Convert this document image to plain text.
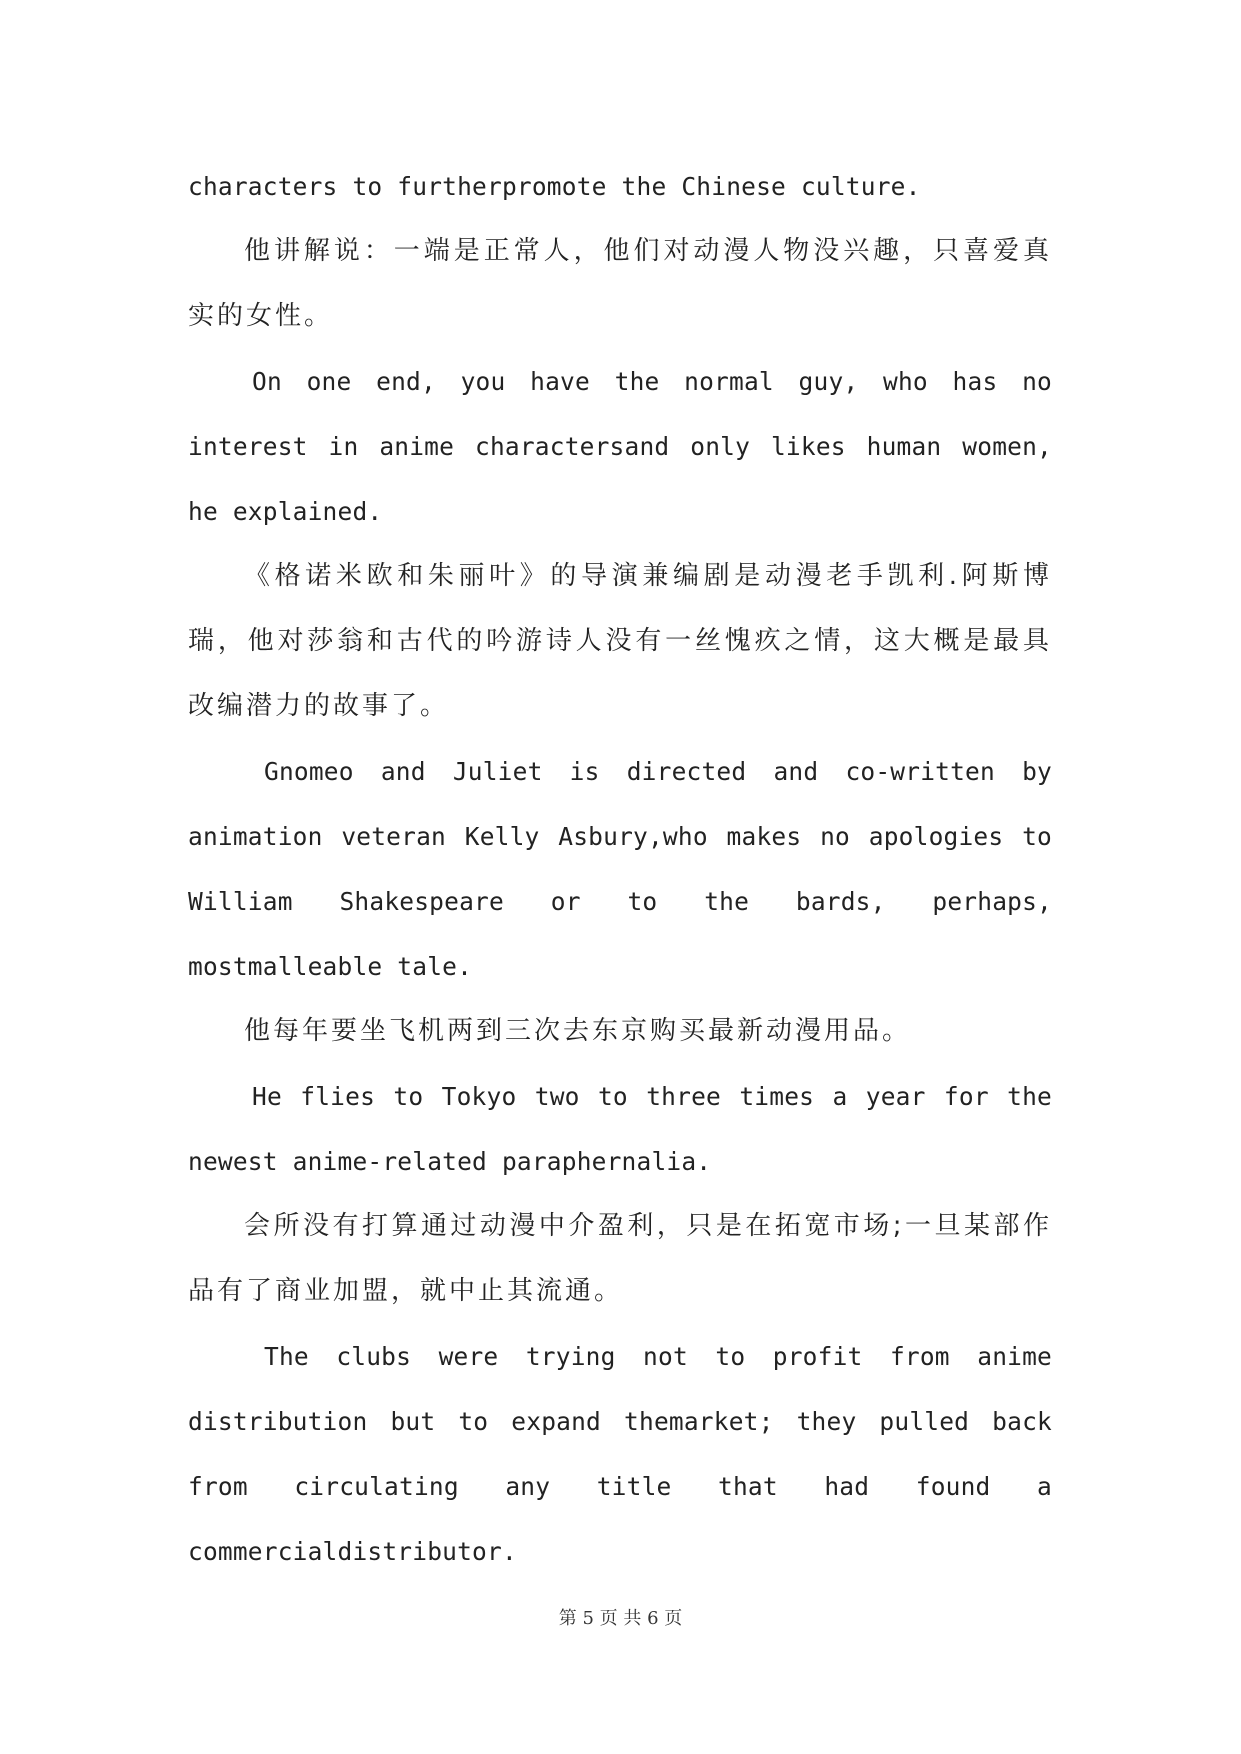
characters to furtherpromote the Chinese culture.

他讲解说：一端是正常人，他们对动漫人物没兴趣，只喜爱真实的女性。

On one end, you have the normal guy, who has no interest in anime charactersand only likes human women, he explained.

《格诺米欧和朱丽叶》的导演兼编剧是动漫老手凯利.阿斯博瑞，他对莎翁和古代的吟游诗人没有一丝愧疚之情，这大概是最具改编潜力的故事了。

Gnomeo and Juliet is directed and co-written by animation veteran Kelly Asbury,who makes no apologies to William Shakespeare or to the bards, perhaps, mostmalleable tale.

他每年要坐飞机两到三次去东京购买最新动漫用品。

He flies to Tokyo two to three times a year for the newest anime-related paraphernalia.

会所没有打算通过动漫中介盈利，只是在拓宽市场;一旦某部作品有了商业加盟，就中止其流通。

The clubs were trying not to profit from anime distribution but to expand themarket; they pulled back from circulating any title that had found a commercialdistributor.

第 5 页 共 6 页
